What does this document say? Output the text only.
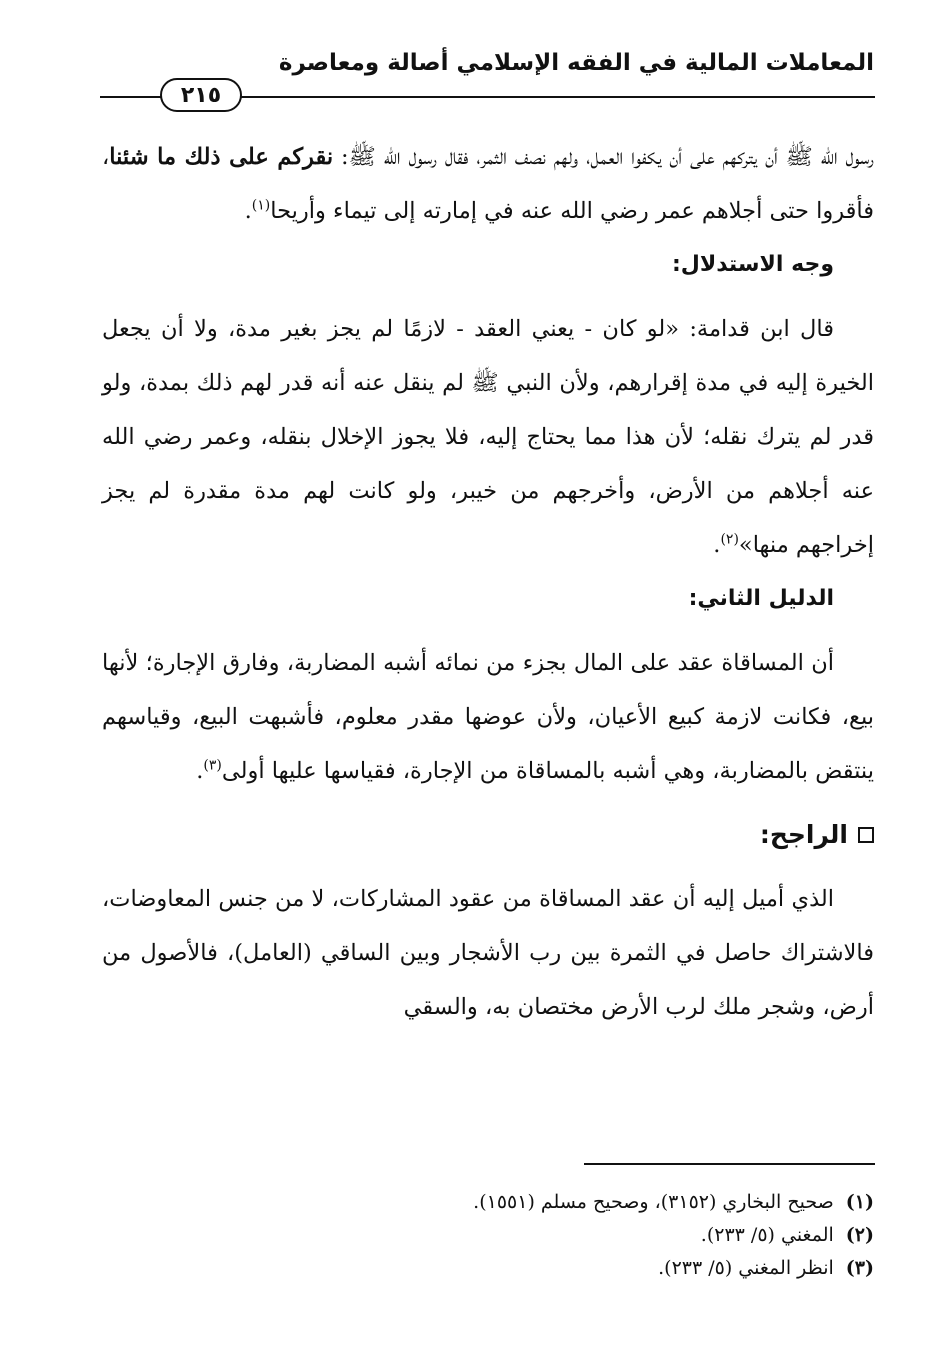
المعاملات المالية في الفقه الإسلامي أصالة ومعاصرة
٢١٥

رسول الله ﷺ أن يتركهم على أن يكفوا العمل، ولهم نصف الثمر، فقال رسول الله ﷺ: نقركم على ذلك ما شئنا، فأقروا حتى أجلاهم عمر رضي الله عنه في إمارته إلى تيماء وأريحا$^{(١)}$.

وجه الاستدلال:

قال ابن قدامة: «لو كان - يعني العقد - لازمًا لم يجز بغير مدة، ولا أن يجعل الخيرة إليه في مدة إقرارهم، ولأن النبي ﷺ لم ينقل عنه أنه قدر لهم ذلك بمدة، ولو قدر لم يترك نقله؛ لأن هذا مما يحتاج إليه، فلا يجوز الإخلال بنقله، وعمر رضي الله عنه أجلاهم من الأرض، وأخرجهم من خيبر، ولو كانت لهم مدة مقدرة لم يجز إخراجهم منها»$^{(٢)}$.

الدليل الثاني:

أن المساقاة عقد على المال بجزء من نمائه أشبه المضاربة، وفارق الإجارة؛ لأنها بيع، فكانت لازمة كبيع الأعيان، ولأن عوضها مقدر معلوم، فأشبهت البيع، وقياسهم ينتقض بالمضاربة، وهي أشبه بالمساقاة من الإجارة، فقياسها عليها أولى$^{(٣)}$.

الراجح:

الذي أميل إليه أن عقد المساقاة من عقود المشاركات، لا من جنس المعاوضات، فالاشتراك حاصل في الثمرة بين رب الأشجار وبين الساقي (العامل)، فالأصول من أرض، وشجر ملك لرب الأرض مختصان به، والسقي

(١)صحيح البخاري (٣١٥٢)، وصحيح مسلم (١٥٥١).
(٢)المغني (٥/ ٢٣٣).
(٣)انظر المغني (٥/ ٢٣٣).
